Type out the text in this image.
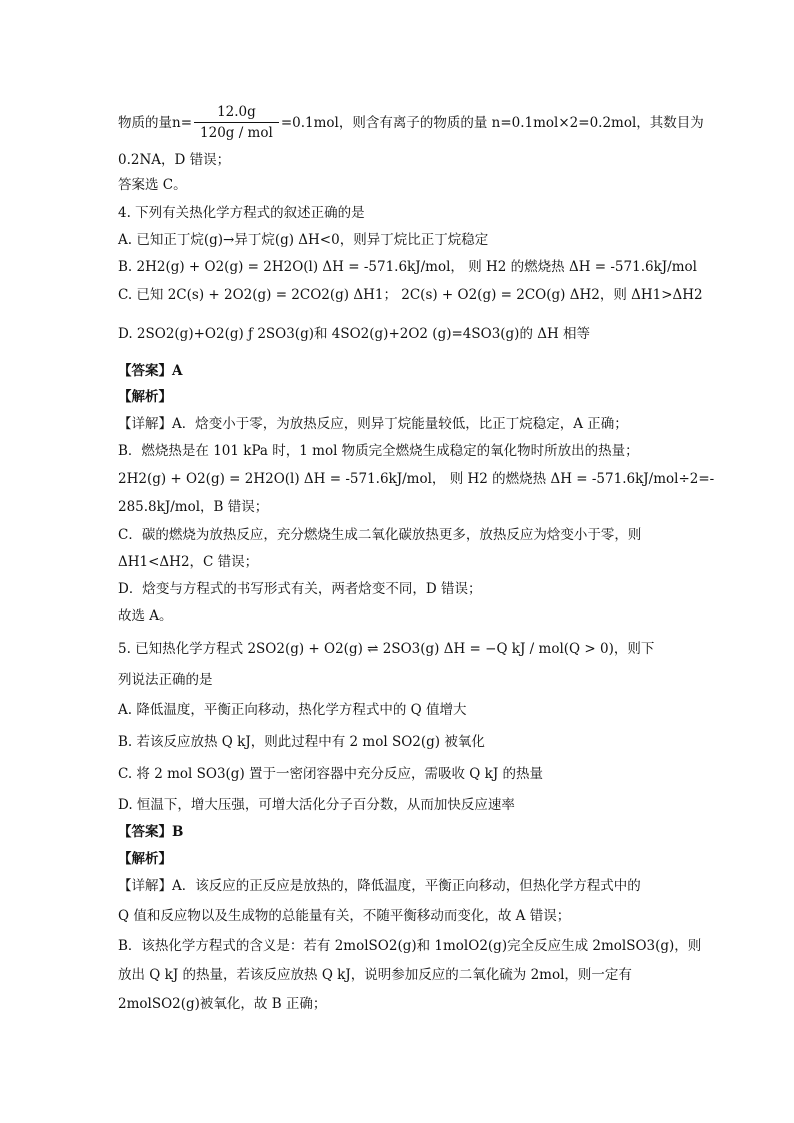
物质的量$n= \frac{12.0g}{\text{120g / mol}} =0.1mol$，则含有离子的物质的量 n=0.1mol×2=0.2mol，其数目为
0.2NA，D 错误；
答案选 C。
4. 下列有关热化学方程式的叙述正确的是
A. 已知正丁烷(g)→异丁烷(g) ΔH<0，则异丁烷比正丁烷稳定
B. 2H2(g) + O2(g) = 2H2O(l) ΔH = -571.6kJ/mol， 则 H2 的燃烧热 ΔH = -571.6kJ/mol
C. 已知 2C(s) + 2O2(g) = 2CO2(g) ΔH1； 2C(s) + O2(g) = 2CO(g) ΔH2，则 ΔH1>ΔH2
D. 2SO2(g)+O2(g) ƒ 2SO3(g)和 4SO2(g)+2O2 (g)=4SO3(g)的 ΔH 相等
【答案】A
【解析】
【详解】A．焓变小于零，为放热反应，则异丁烷能量较低，比正丁烷稳定，A 正确；
B．燃烧热是在 101 kPa 时，1 mol 物质完全燃烧生成稳定的氧化物时所放出的热量；
2H2(g) + O2(g) = 2H2O(l) ΔH = -571.6kJ/mol， 则 H2 的燃烧热 ΔH = -571.6kJ/mol÷2=-
285.8kJ/mol，B 错误；
C．碳的燃烧为放热反应，充分燃烧生成二氧化碳放热更多，放热反应为焓变小于零，则
ΔH1<ΔH2，C 错误；
D．焓变与方程式的书写形式有关，两者焓变不同，D 错误；
故选 A。
5. 已知热化学方程式 2SO2(g) + O2(g) ⇌ 2SO3(g) ΔH = −Q kJ / mol(Q > 0)，则下
列说法正确的是
A. 降低温度，平衡正向移动，热化学方程式中的 Q 值增大
B. 若该反应放热 Q kJ，则此过程中有 2 mol SO2(g) 被氧化
C. 将 2 mol SO3(g) 置于一密闭容器中充分反应，需吸收 Q kJ 的热量
D. 恒温下，增大压强，可增大活化分子百分数，从而加快反应速率
【答案】B
【解析】
【详解】A．该反应的正反应是放热的，降低温度，平衡正向移动，但热化学方程式中的
Q 值和反应物以及生成物的总能量有关，不随平衡移动而变化，故 A 错误；
B．该热化学方程式的含义是：若有 2molSO2(g)和 1molO2(g)完全反应生成 2molSO3(g)，则
放出 Q kJ 的热量，若该反应放热 Q kJ，说明参加反应的二氧化硫为 2mol，则一定有
2molSO2(g)被氧化，故 B 正确；
